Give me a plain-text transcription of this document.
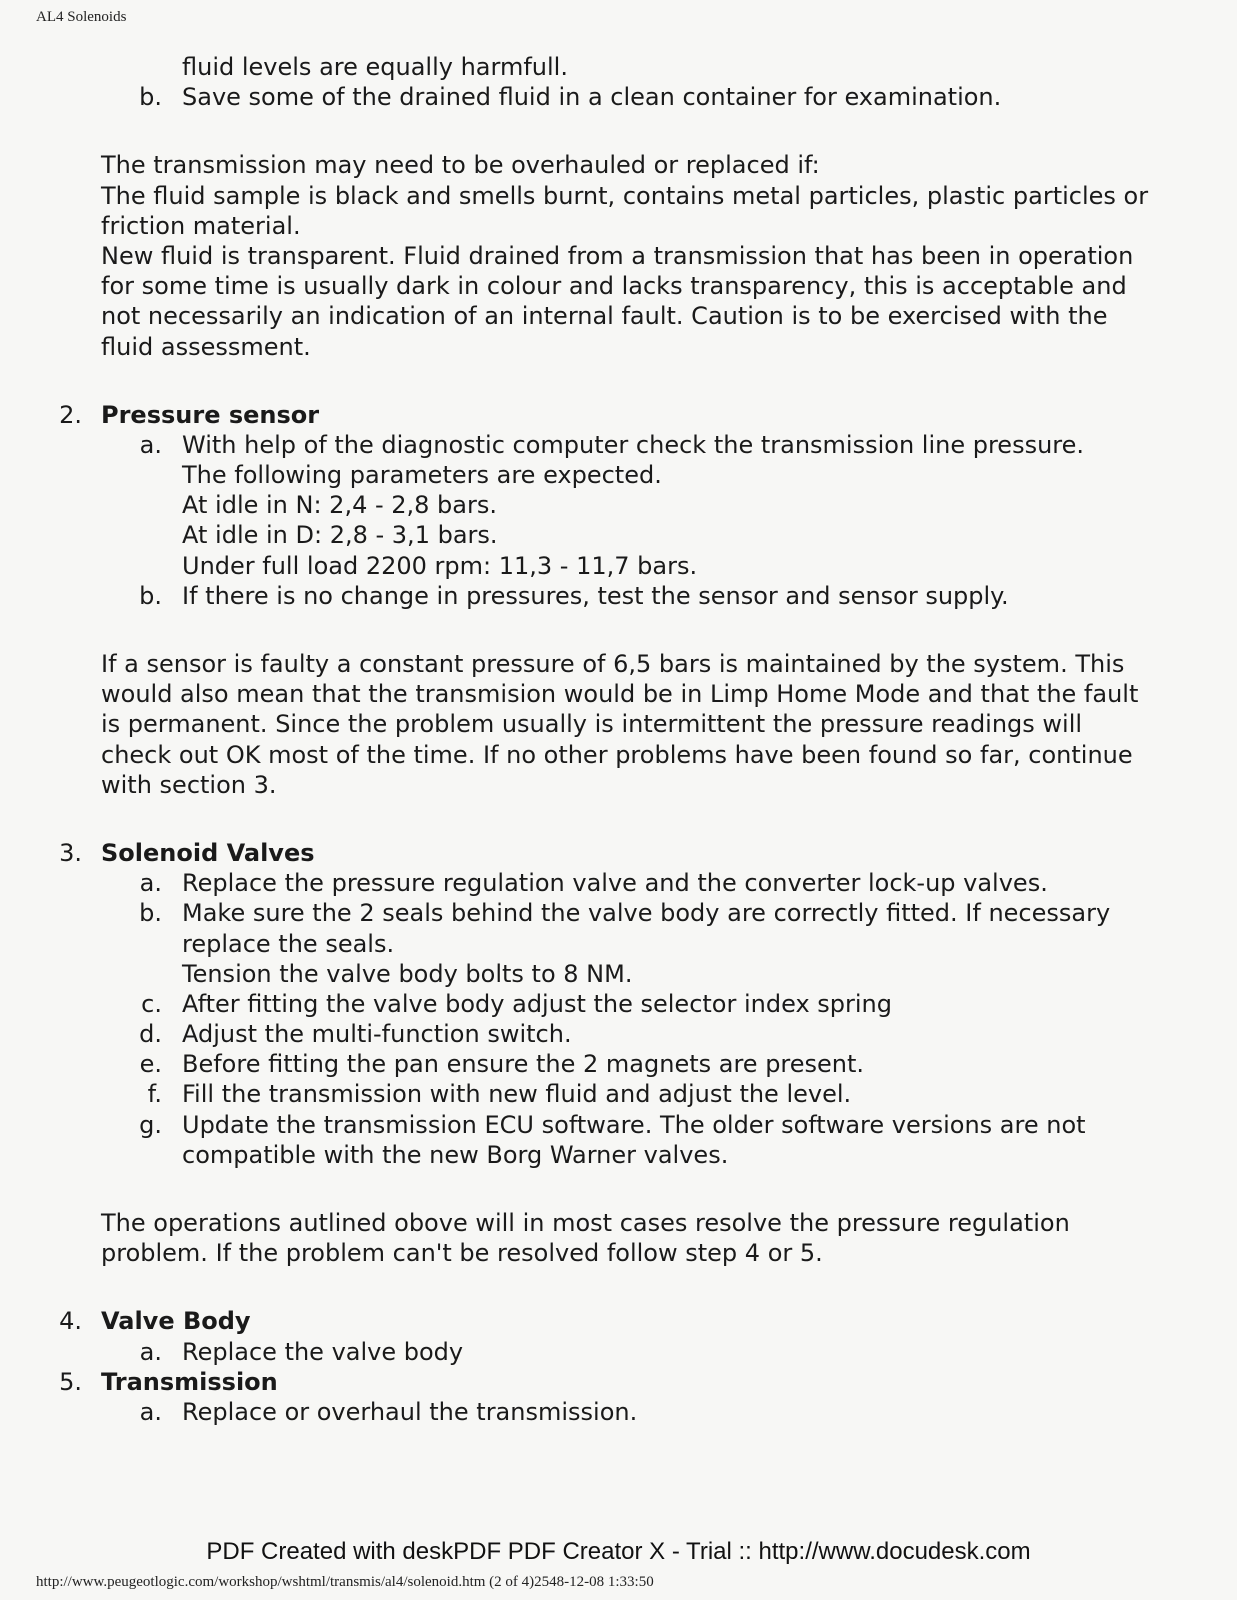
AL4 Solenoids
fluid levels are equally harmfull.
b. Save some of the drained fluid in a clean container for examination.
The transmission may need to be overhauled or replaced if:
The fluid sample is black and smells burnt, contains metal particles, plastic particles or
friction material.
New fluid is transparent. Fluid drained from a transmission that has been in operation
for some time is usually dark in colour and lacks transparency, this is acceptable and
not necessarily an indication of an internal fault. Caution is to be exercised with the
fluid assessment.
2. Pressure sensor
a. With help of the diagnostic computer check the transmission line pressure.
The following parameters are expected.
At idle in N: 2,4 - 2,8 bars.
At idle in D: 2,8 - 3,1 bars.
Under full load 2200 rpm: 11,3 - 11,7 bars.
b. If there is no change in pressures, test the sensor and sensor supply.
If a sensor is faulty a constant pressure of 6,5 bars is maintained by the system. This
would also mean that the transmision would be in Limp Home Mode and that the fault
is permanent. Since the problem usually is intermittent the pressure readings will
check out OK most of the time. If no other problems have been found so far, continue
with section 3.
3. Solenoid Valves
a. Replace the pressure regulation valve and the converter lock-up valves.
b. Make sure the 2 seals behind the valve body are correctly fitted. If necessary
replace the seals.
Tension the valve body bolts to 8 NM.
c. After fitting the valve body adjust the selector index spring
d. Adjust the multi-function switch.
e. Before fitting the pan ensure the 2 magnets are present.
f. Fill the transmission with new fluid and adjust the level.
g. Update the transmission ECU software. The older software versions are not
compatible with the new Borg Warner valves.
The operations autlined obove will in most cases resolve the pressure regulation
problem. If the problem can't be resolved follow step 4 or 5.
4. Valve Body
a. Replace the valve body
5. Transmission
a. Replace or overhaul the transmission.
PDF Created with deskPDF PDF Creator X - Trial :: http://www.docudesk.com
http://www.peugeotlogic.com/workshop/wshtml/transmis/al4/solenoid.htm (2 of 4)2548-12-08 1:33:50
